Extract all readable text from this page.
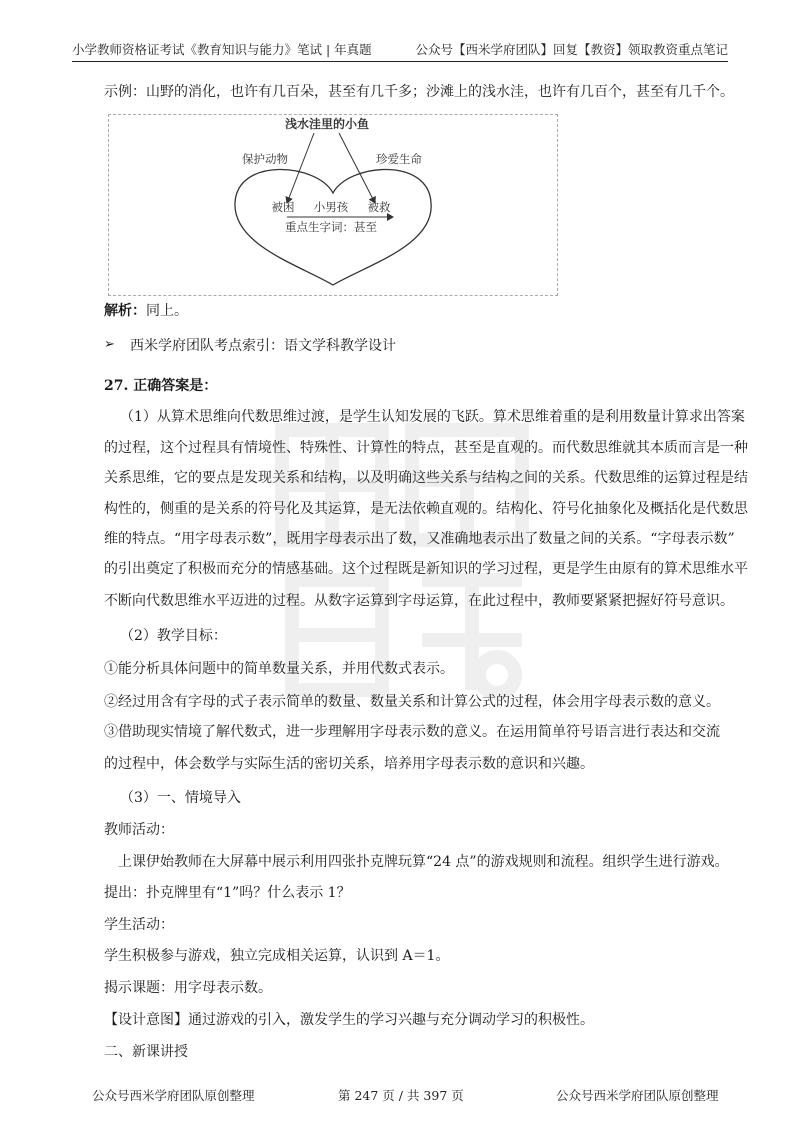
小学教师资格证考试《教育知识与能力》笔试 | 年真题	公众号【西米学府团队】回复【教资】领取教资重点笔记
示例：山野的消化，也许有几百朵，甚至有几千多；沙滩上的浅水洼，也许有几百个，甚至有几千个。
浅水洼里的小鱼
保护动物	珍爱生命
被困 小男孩 被救
重点生字词：甚至
解析：同上。
➢ 西米学府团队考点索引：语文学科教学设计
27. 正确答案是：
（1）从算术思维向代数思维过渡，是学生认知发展的飞跃。算术思维着重的是利用数量计算求出答案
的过程，这个过程具有情境性、特殊性、计算性的特点，甚至是直观的。而代数思维就其本质而言是一种
关系思维，它的要点是发现关系和结构，以及明确这些关系与结构之间的关系。代数思维的运算过程是结
构性的，侧重的是关系的符号化及其运算，是无法依赖直观的。结构化、符号化抽象化及概括化是代数思
维的特点。“用字母表示数”，既用字母表示出了数，又准确地表示出了数量之间的关系。“字母表示数”
的引出奠定了积极而充分的情感基础。这个过程既是新知识的学习过程，更是学生由原有的算术思维水平
不断向代数思维水平迈进的过程。从数字运算到字母运算，在此过程中，教师要紧紧把握好符号意识。
（2）教学目标：
①能分析具体问题中的简单数量关系，并用代数式表示。
②经过用含有字母的式子表示简单的数量、数量关系和计算公式的过程，体会用字母表示数的意义。
③借助现实情境了解代数式，进一步理解用字母表示数的意义。在运用简单符号语言进行表达和交流
的过程中，体会数学与实际生活的密切关系，培养用字母表示数的意识和兴趣。
（3）一、情境导入
教师活动：
上课伊始教师在大屏幕中展示利用四张扑克牌玩算“24 点”的游戏规则和流程。组织学生进行游戏。
提出：扑克牌里有“1”吗？什么表示 1？
学生活动：
学生积极参与游戏，独立完成相关运算，认识到 A＝1。
揭示课题：用字母表示数。
【设计意图】通过游戏的引入，激发学生的学习兴趣与充分调动学习的积极性。
二、新课讲授
公众号西米学府团队原创整理	第 247 页 / 共 397 页	公众号西米学府团队原创整理
